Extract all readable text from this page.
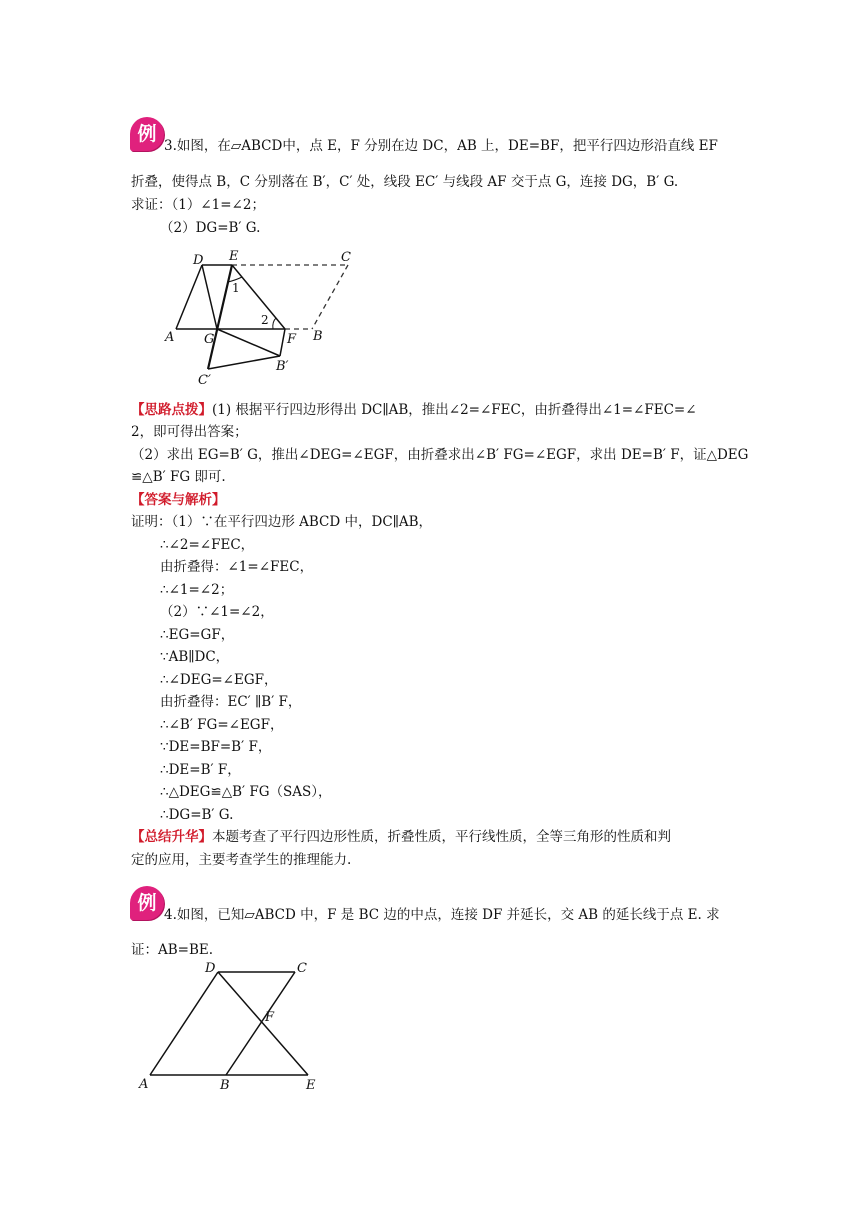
例
3.如图，在▱ABCD中，点 E，F 分别在边 DC，AB 上，DE=BF，把平行四边形沿直线 EF
折叠，使得点 B，C 分别落在 B′，C′ 处，线段 EC′ 与线段 AF 交于点 G，连接 DG，B′ G.
求证：（1）∠1=∠2；
（2）DG=B′ G.
D E	C
1
2
A G	F B
B′
C′
【思路点拨】(1) 根据平行四边形得出 DC∥AB，推出∠2=∠FEC，由折叠得出∠1=∠FEC=∠
2，即可得出答案；
（2）求出 EG=B′ G，推出∠DEG=∠EGF，由折叠求出∠B′ FG=∠EGF，求出 DE=B′ F，证△DEG
≌△B′ FG 即可.
【答案与解析】
证明：（1）∵在平行四边形 ABCD 中，DC∥AB，
∴∠2=∠FEC，
由折叠得：∠1=∠FEC，
∴∠1=∠2；
（2）∵∠1=∠2，
∴EG=GF，
∵AB∥DC，
∴∠DEG=∠EGF，
由折叠得：EC′ ∥B′ F，
∴∠B′ FG=∠EGF，
∵DE=BF=B′ F，
∴DE=B′ F，
∴△DEG≌△B′ FG（SAS），
∴DG=B′ G.
【总结升华】本题考查了平行四边形性质，折叠性质，平行线性质，全等三角形的性质和判
定的应用，主要考查学生的推理能力.
例
4.如图，已知▱ABCD 中，F 是 BC 边的中点，连接 DF 并延长，交 AB 的延长线于点 E. 求
证：AB=BE.
D	C
F
A	B	E
